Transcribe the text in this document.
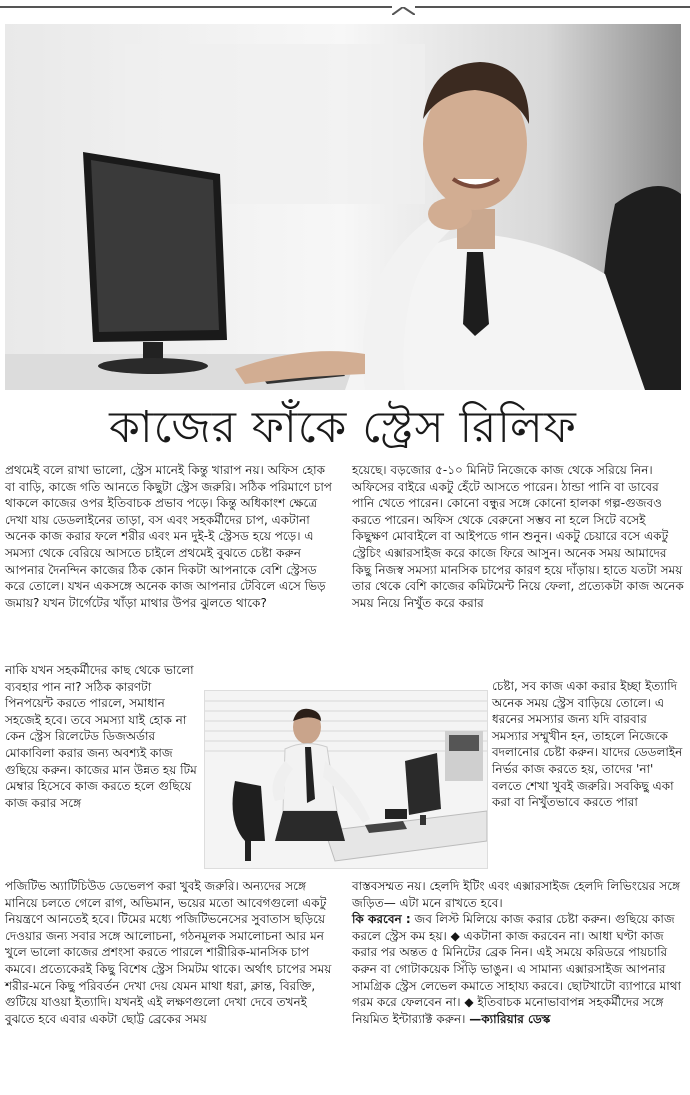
কাজের ফাঁকে স্ট্রেস রিলিফ

প্রথমেই বলে রাখা ভালো, স্ট্রেস মানেই কিন্তু খারাপ নয়। অফিস হোক বা বাড়ি, কাজে গতি আনতে কিছুটা স্ট্রেস জরুরি। সঠিক পরিমাণে চাপ থাকলে কাজের ওপর ইতিবাচক প্রভাব পড়ে। কিন্তু অধিকাংশ ক্ষেত্রে দেখা যায় ডেডলাইনের তাড়া, বস এবং সহকর্মীদের চাপ, একটানা অনেক কাজ করার ফলে শরীর এবং মন দুই-ই স্ট্রেসড হয়ে পড়ে। এ সমস্যা থেকে বেরিয়ে আসতে চাইলে প্রথমেই বুঝতে চেষ্টা করুন আপনার দৈনন্দিন কাজের ঠিক কোন দিকটা আপনাকে বেশি স্ট্রেসড করে তোলে। যখন একসঙ্গে অনেক কাজ আপনার টেবিলে এসে ভিড় জমায়? যখন টার্গেটের খাঁড়া মাথার উপর ঝুলতে থাকে?

নাকি যখন সহকর্মীদের কাছ থেকে ভালো ব্যবহার পান না? সঠিক কারণটা পিনপয়েন্ট করতে পারলে, সমাধান সহজেই হবে। তবে সমস্যা যাই হোক না কেন স্ট্রেস রিলেটেড ডিজঅর্ডার মোকাবিলা করার জন্য অবশ্যই কাজ গুছিয়ে করুন। কাজের মান উন্নত হয় টিম মেম্বার হিসেবে কাজ করতে হলে গুছিয়ে কাজ করার সঙ্গে

পজিটিভ অ্যাটিচিউড ডেভেলপ করা খুবই জরুরি। অন্যদের সঙ্গে মানিয়ে চলতে গেলে রাগ, অভিমান, ভয়ের মতো আবেগগুলো একটু নিয়ন্ত্রণে আনতেই হবে। টিমের মধ্যে পজিটিভনেসের সুবাতাস ছড়িয়ে দেওয়ার জন্য সবার সঙ্গে আলোচনা, গঠনমূলক সমালোচনা আর মন খুলে ভালো কাজের প্রশংসা করতে পারলে শারীরিক-মানসিক চাপ কমবে। প্রত্যেকেরই কিছু বিশেষ স্ট্রেস সিমটম থাকে। অর্থাৎ চাপের সময় শরীর-মনে কিছু পরিবর্তন দেখা দেয় যেমন মাথা ধরা, ক্লান্ত, বিরক্তি, গুটিয়ে যাওয়া ইত্যাদি। যখনই এই লক্ষণগুলো দেখা দেবে তখনই বুঝতে হবে এবার একটা ছোট্ট ব্রেকের সময়

হয়েছে। বড়জোর ৫-১০ মিনিট নিজেকে কাজ থেকে সরিয়ে নিন। অফিসের বাইরে একটু হেঁটে আসতে পারেন। ঠান্ডা পানি বা ডাবের পানি খেতে পারেন। কোনো বন্ধুর সঙ্গে কোনো হালকা গল্প-গুজবও করতে পারেন। অফিস থেকে বেরুনো সম্ভব না হলে সিটে বসেই কিছুক্ষণ মোবাইলে বা আইপডে গান শুনুন। একটু চেয়ারে বসে একটু স্ট্রেচিং এক্সারসাইজ করে কাজে ফিরে আসুন। অনেক সময় আমাদের কিছু নিজস্ব সমস্যা মানসিক চাপের কারণ হয়ে দাঁড়ায়। হাতে যতটা সময় তার থেকে বেশি কাজের কমিটমেন্ট নিয়ে ফেলা, প্রত্যেকটা কাজ অনেক সময় নিয়ে নিখুঁত করে করার

চেষ্টা, সব কাজ একা করার ইচ্ছা ইত্যাদি অনেক সময় স্ট্রেস বাড়িয়ে তোলে। এ ধরনের সমস্যার জন্য যদি বারবার সমস্যার সম্মুখীন হন, তাহলে নিজেকে বদলানোর চেষ্টা করুন। যাদের ডেডলাইন নির্ভর কাজ করতে হয়, তাদের 'না' বলতে শেখা খুবই জরুরি। সবকিছু একা করা বা নিখুঁতভাবে করতে পারা

বাস্তবসম্মত নয়। হেলদি ইটিং এবং এক্সারসাইজ হেলদি লিভিংয়ের সঙ্গে জড়িত— এটা মনে রাখতে হবে।

কি করবেন : জব লিস্ট মিলিয়ে কাজ করার চেষ্টা করুন। গুছিয়ে কাজ করলে স্ট্রেস কম হয়। ◆ একটানা কাজ করবেন না। আধা ঘণ্টা কাজ করার পর অন্তত ৫ মিনিটের ব্রেক নিন। এই সময়ে করিডরে পায়চারি করুন বা গোটাকয়েক সিঁড়ি ভাঙুন। এ সামান্য এক্সারসাইজ আপনার সামগ্রিক স্ট্রেস লেভেল কমাতে সাহায্য করবে। ছোটখাটো ব্যাপারে মাথা গরম করে ফেলবেন না। ◆ ইতিবাচক মনোভাবাপন্ন সহকর্মীদের সঙ্গে নিয়মিত ইন্টার‌্যাক্ট করুন। —ক্যারিয়ার ডেস্ক
